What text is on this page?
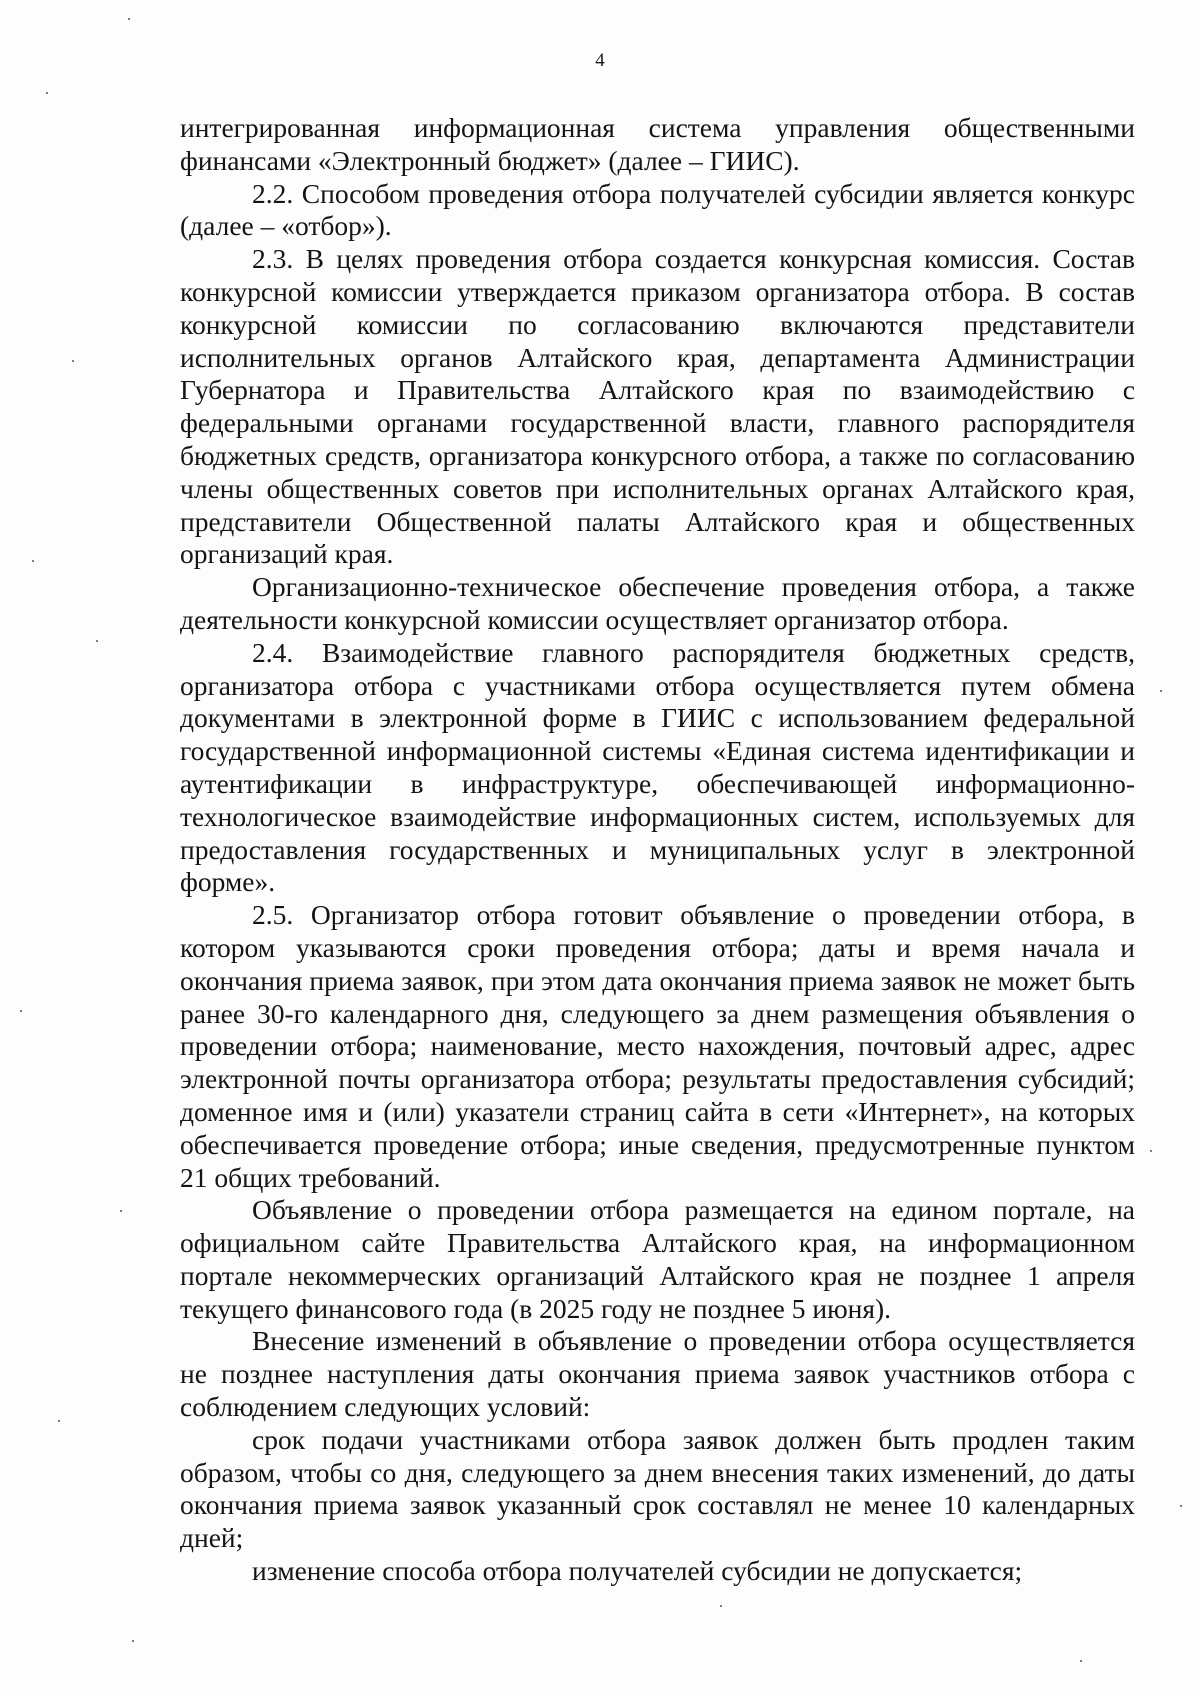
4

интегрированная информационная система управления общественными финансами «Электронный бюджет» (далее – ГИИС).

2.2. Способом проведения отбора получателей субсидии является конкурс (далее – «отбор»).

2.3. В целях проведения отбора создается конкурсная комиссия. Состав конкурсной комиссии утверждается приказом организатора отбора. В состав конкурсной комиссии по согласованию включаются представители исполнительных органов Алтайского края, департамента Администрации Губернатора и Правительства Алтайского края по взаимодействию с федеральными органами государственной власти, главного распорядителя бюджетных средств, организатора конкурсного отбора, а также по согласованию члены общественных советов при исполнительных органах Алтайского края, представители Общественной палаты Алтайского края и общественных организаций края.

Организационно-техническое обеспечение проведения отбора, а также деятельности конкурсной комиссии осуществляет организатор отбора.

2.4. Взаимодействие главного распорядителя бюджетных средств, организатора отбора с участниками отбора осуществляется путем обмена документами в электронной форме в ГИИС с использованием федеральной государственной информационной системы «Единая система идентификации и аутентификации в инфраструктуре, обеспечивающей информационно-технологическое взаимодействие информационных систем, используемых для предоставления государственных и муниципальных услуг в электронной форме».

2.5. Организатор отбора готовит объявление о проведении отбора, в котором указываются сроки проведения отбора; даты и время начала и окончания приема заявок, при этом дата окончания приема заявок не может быть ранее 30-го календарного дня, следующего за днем размещения объявления о проведении отбора; наименование, место нахождения, почтовый адрес, адрес электронной почты организатора отбора; результаты предоставления субсидий; доменное имя и (или) указатели страниц сайта в сети «Интернет», на которых обеспечивается проведение отбора; иные сведения, предусмотренные пунктом 21 общих требований.

Объявление о проведении отбора размещается на едином портале, на официальном сайте Правительства Алтайского края, на информационном портале некоммерческих организаций Алтайского края не позднее 1 апреля текущего финансового года (в 2025 году не позднее 5 июня).

Внесение изменений в объявление о проведении отбора осуществляется не позднее наступления даты окончания приема заявок участников отбора с соблюдением следующих условий:

срок подачи участниками отбора заявок должен быть продлен таким образом, чтобы со дня, следующего за днем внесения таких изменений, до даты окончания приема заявок указанный срок составлял не менее 10 календарных дней;

изменение способа отбора получателей субсидии не допускается;
